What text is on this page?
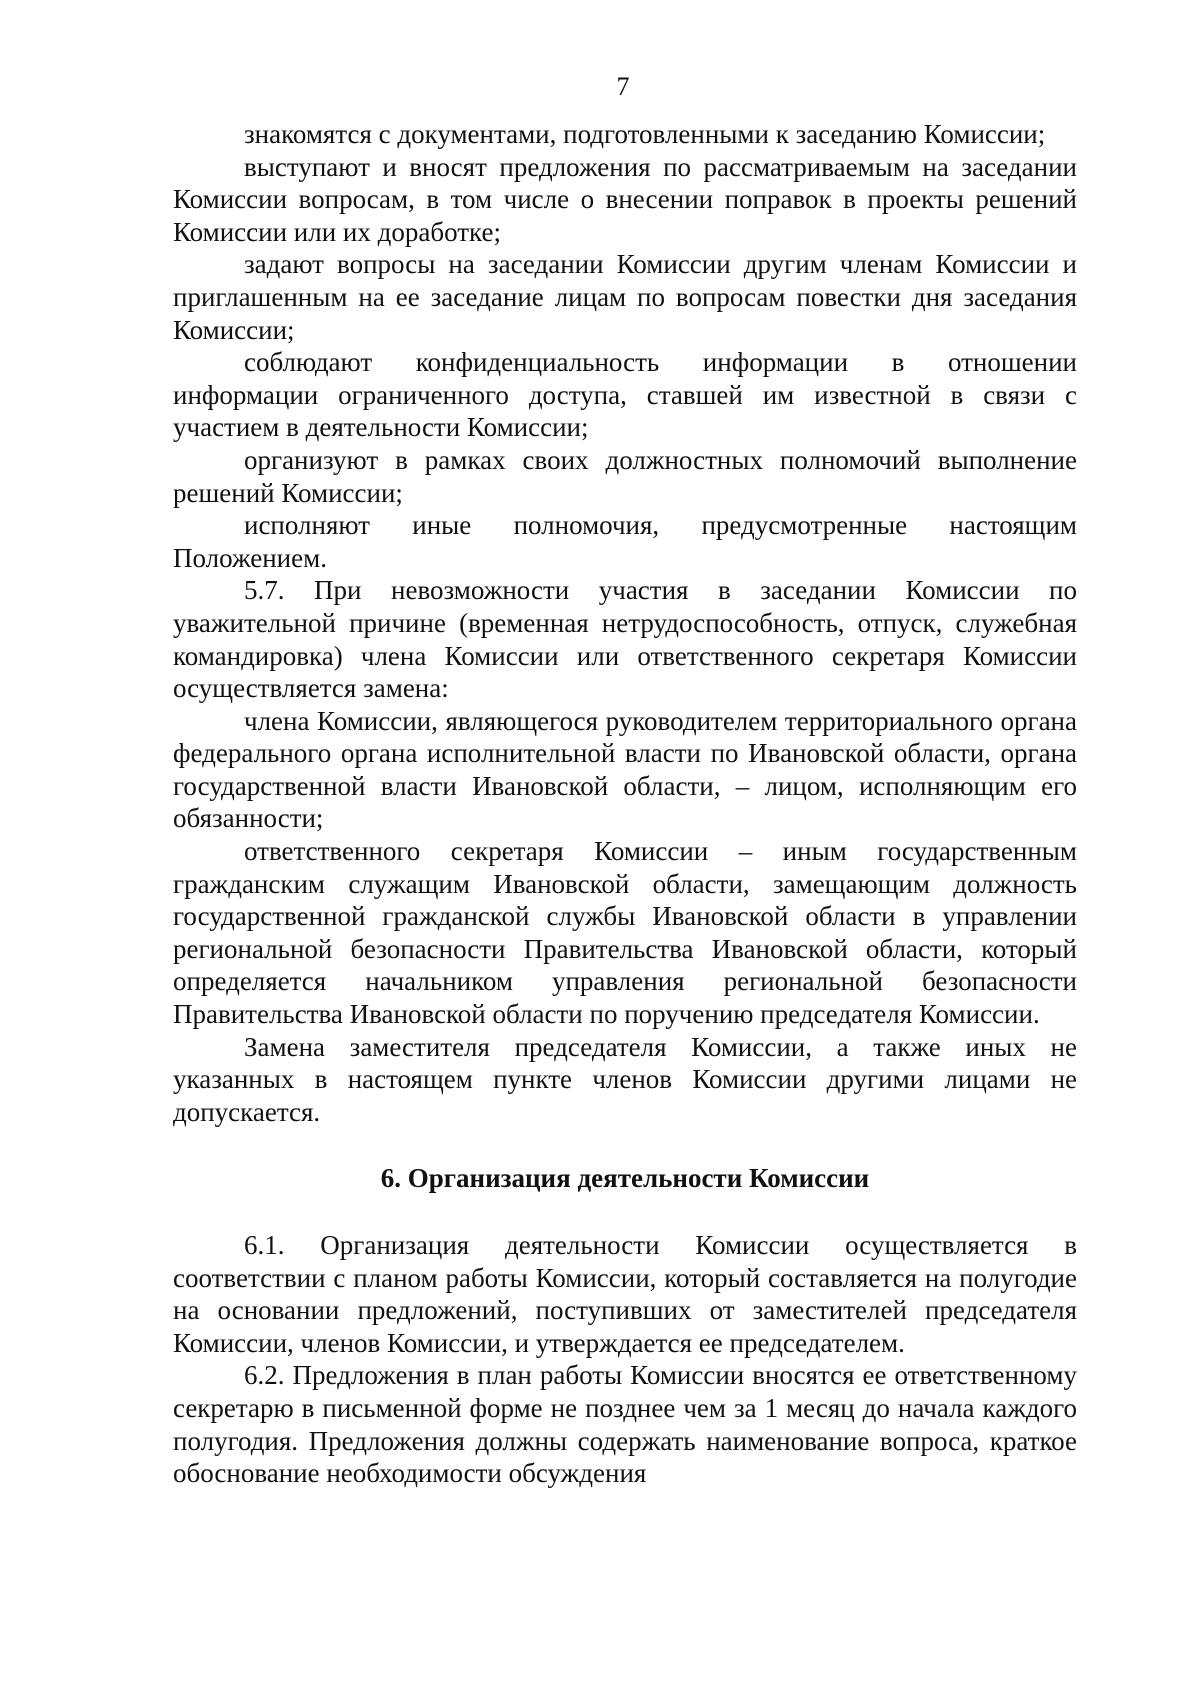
7

знакомятся с документами, подготовленными к заседанию Комиссии;

выступают и вносят предложения по рассматриваемым на заседании Комиссии вопросам, в том числе о внесении поправок в проекты решений Комиссии или их доработке;

задают вопросы на заседании Комиссии другим членам Комиссии и приглашенным на ее заседание лицам по вопросам повестки дня заседания Комиссии;

соблюдают конфиденциальность информации в отношении информации ограниченного доступа, ставшей им известной в связи с участием в деятельности Комиссии;

организуют в рамках своих должностных полномочий выполнение решений Комиссии;

исполняют иные полномочия, предусмотренные настоящим Положением.

5.7. При невозможности участия в заседании Комиссии по уважительной причине (временная нетрудоспособность, отпуск, служебная командировка) члена Комиссии или ответственного секретаря Комиссии осуществляется замена:

члена Комиссии, являющегося руководителем территориального органа федерального органа исполнительной власти по Ивановской области, органа государственной власти Ивановской области, – лицом, исполняющим его обязанности;

ответственного секретаря Комиссии – иным государственным гражданским служащим Ивановской области, замещающим должность государственной гражданской службы Ивановской области в управлении региональной безопасности Правительства Ивановской области, который определяется начальником управления региональной безопасности Правительства Ивановской области по поручению председателя Комиссии.

Замена заместителя председателя Комиссии, а также иных не указанных в настоящем пункте членов Комиссии другими лицами не допускается.

6. Организация деятельности Комиссии

6.1. Организация деятельности Комиссии осуществляется в соответствии с планом работы Комиссии, который составляется на полугодие на основании предложений, поступивших от заместителей председателя Комиссии, членов Комиссии, и утверждается ее председателем.

6.2. Предложения в план работы Комиссии вносятся ее ответственному секретарю в письменной форме не позднее чем за 1 месяц до начала каждого полугодия. Предложения должны содержать наименование вопроса, краткое обоснование необходимости обсуждения
